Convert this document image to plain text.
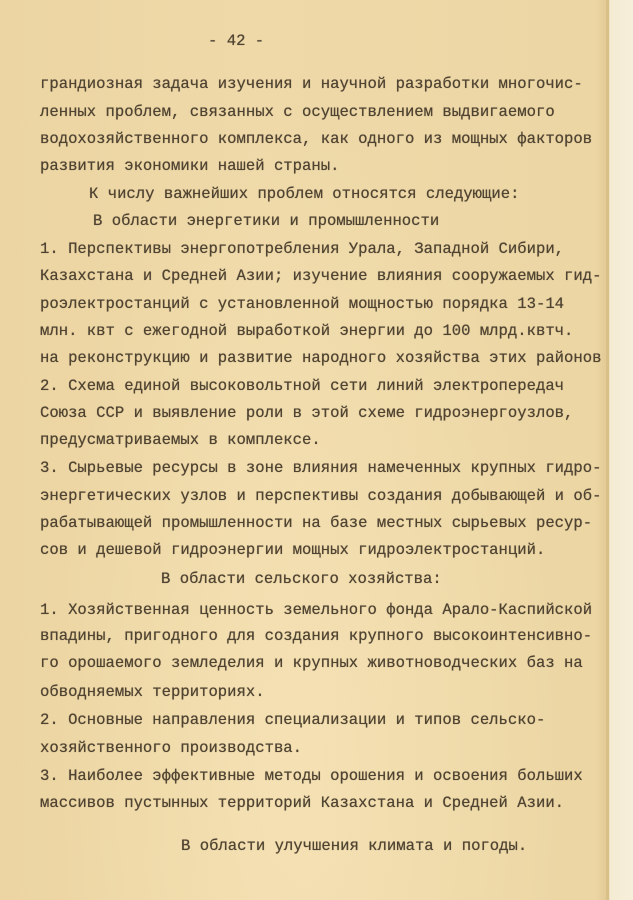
- 42 -
грандиозная задача изучения и научной разработки многочис-
ленных проблем, связанных с осуществлением выдвигаемого
водохозяйственного комплекса, как одного из мощных факторов
развития экономики нашей страны.
К числу важнейших проблем относятся следующие:
В области энергетики и промышленности
1. Перспективы энергопотребления Урала, Западной Сибири,
Казахстана и Средней Азии; изучение влияния сооружаемых гид-
роэлектростанций с установленной мощностью порядка 13-14
млн. квт с ежегодной выработкой энергии до 100 млрд.квтч.
на реконструкцию и развитие народного хозяйства этих районов
2. Схема единой высоковольтной сети линий электропередач
Союза ССР и выявление роли в этой схеме гидроэнергоузлов,
предусматриваемых в комплексе.
3. Сырьевые ресурсы в зоне влияния намеченных крупных гидро-
энергетических узлов и перспективы создания добывающей и об-
рабатывающей промышленности на базе местных сырьевых ресур-
сов и дешевой гидроэнергии мощных гидроэлектростанций.
В области сельского хозяйства:
1. Хозяйственная ценность земельного фонда Арало-Каспийской
впадины, пригодного для создания крупного высокоинтенсивно-
го орошаемого земледелия и крупных животноводческих баз на
обводняемых территориях.
2. Основные направления специализации и типов сельско-
хозяйственного производства.
3. Наиболее эффективные методы орошения и освоения больших
массивов пустынных территорий Казахстана и Средней Азии.
В области улучшения климата и погоды.
